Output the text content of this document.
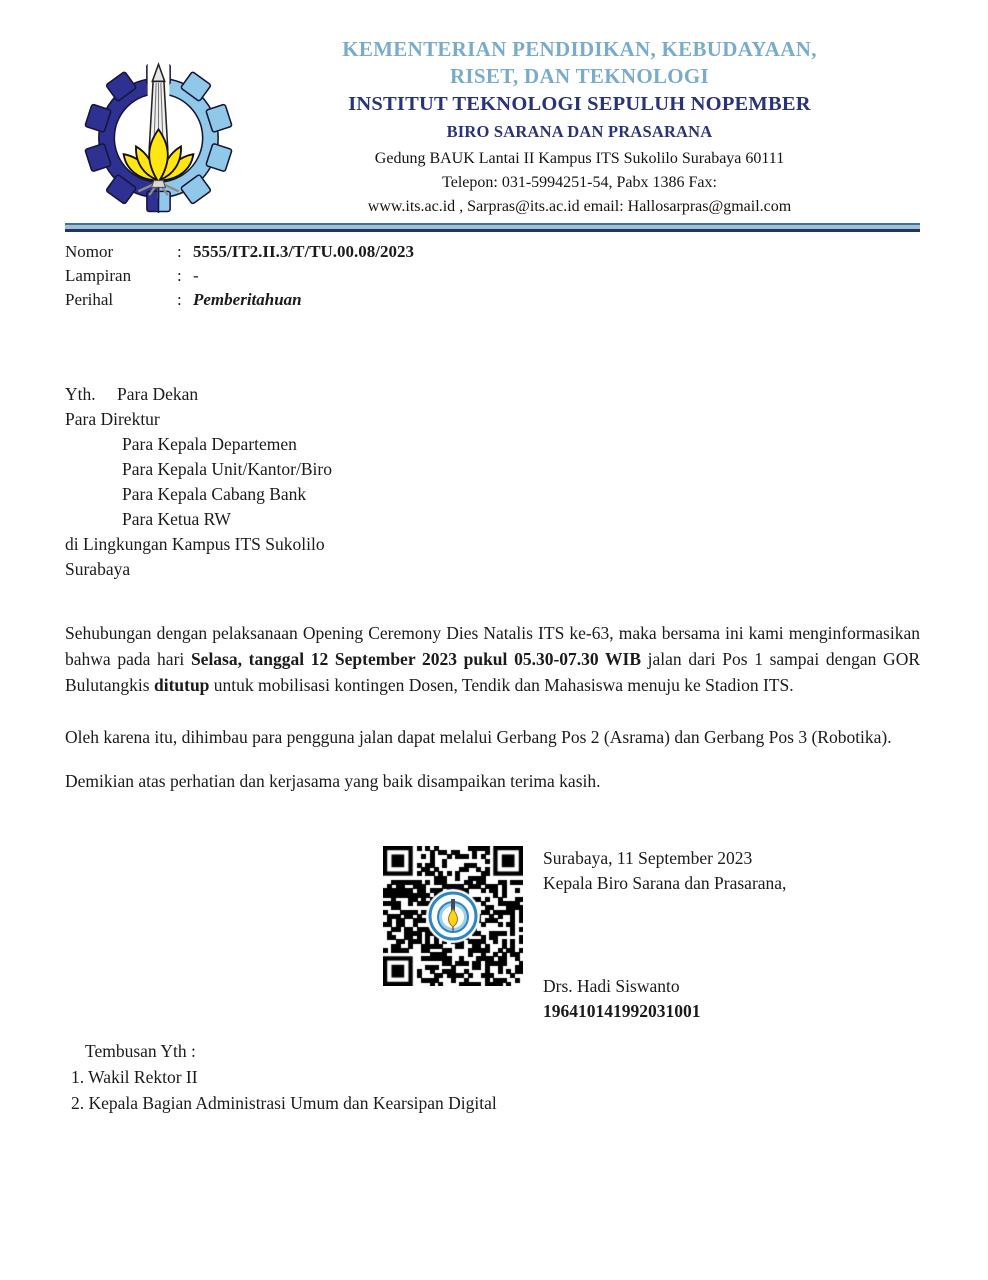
KEMENTERIAN PENDIDIKAN, KEBUDAYAAN,
RISET, DAN TEKNOLOGI
INSTITUT TEKNOLOGI SEPULUH NOPEMBER
BIRO SARANA DAN PRASARANA
Gedung BAUK Lantai II Kampus ITS Sukolilo Surabaya 60111
Telepon: 031-5994251-54, Pabx 1386 Fax:
www.its.ac.id , Sarpras@its.ac.id email: Hallosarpras@gmail.com
Nomor	: 5555/IT2.II.3/T/TU.00.08/2023
Lampiran	: -
Perihal	: Pemberitahuan
Yth.	Para Dekan
Para Direktur
Para Kepala Departemen
Para Kepala Unit/Kantor/Biro
Para Kepala Cabang Bank
Para Ketua RW
di Lingkungan Kampus ITS Sukolilo
Surabaya

Sehubungan dengan pelaksanaan Opening Ceremony Dies Natalis ITS ke-63, maka bersama ini kami menginformasikan bahwa pada hari Selasa, tanggal 12 September 2023 pukul 05.30-07.30 WIB jalan dari Pos 1 sampai dengan GOR Bulutangkis ditutup untuk mobilisasi kontingen Dosen, Tendik dan Mahasiswa menuju ke Stadion ITS.

Oleh karena itu, dihimbau para pengguna jalan dapat melalui Gerbang Pos 2 (Asrama) dan Gerbang Pos 3 (Robotika).

Demikian atas perhatian dan kerjasama yang baik disampaikan terima kasih.

Surabaya, 11 September 2023
Kepala Biro Sarana dan Prasarana,
Drs. Hadi Siswanto
196410141992031001
Tembusan Yth :
1. Wakil Rektor II
2. Kepala Bagian Administrasi Umum dan Kearsipan Digital
